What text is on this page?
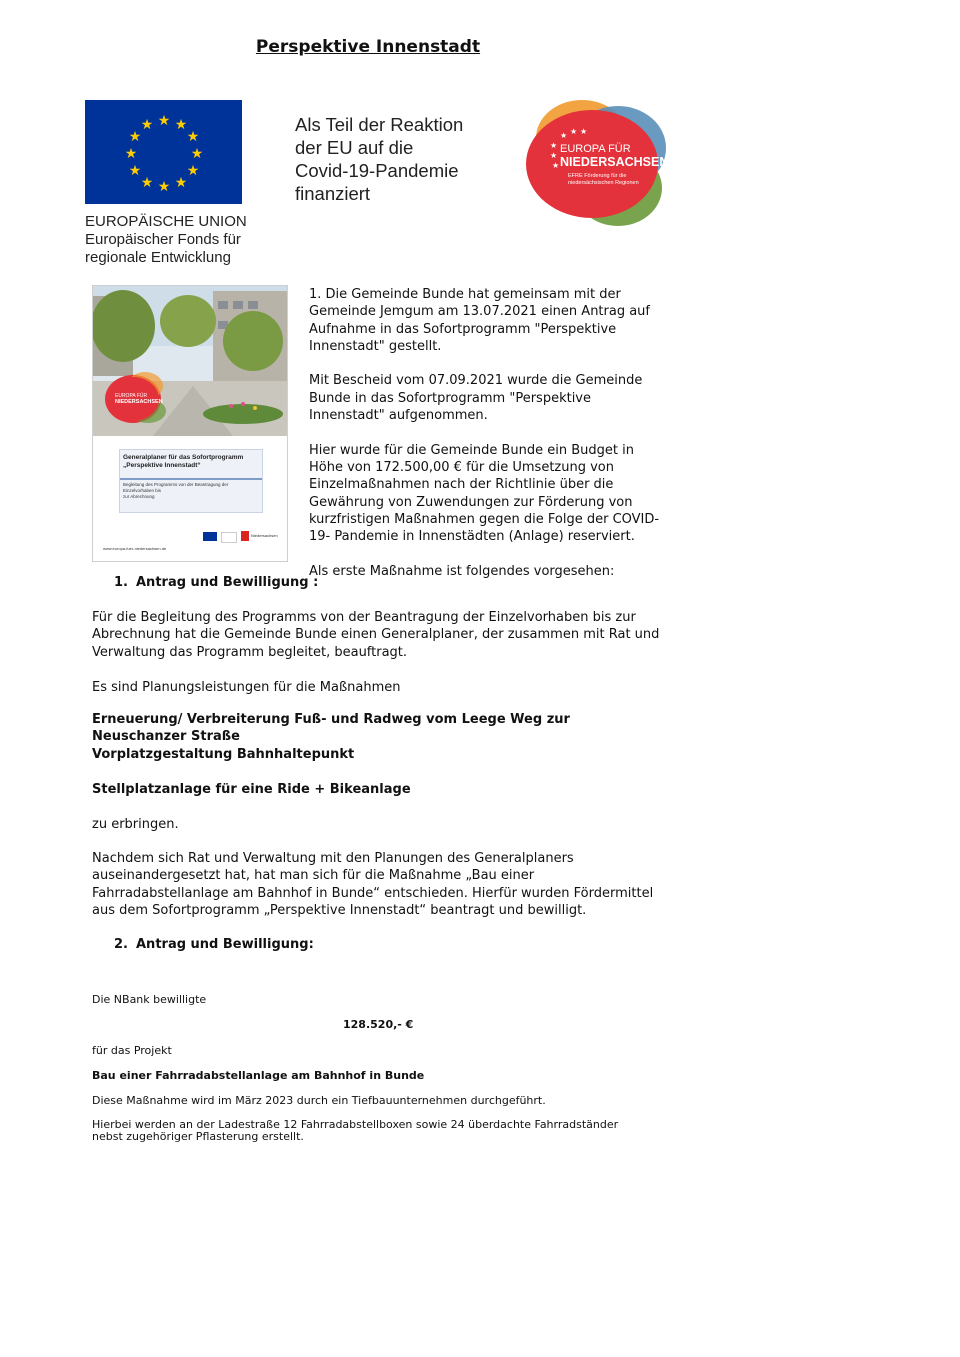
Perspektive Innenstadt
★ ★
★
★
★
★
★
★
★
★
★
★
EUROPÄISCHE UNION
Europäischer Fonds für
regionale Entwicklung
Als Teil der Reaktion
der EU auf die
Covid-19-Pandemie
finanziert
★ ★ ★
★
★
★
EUROPA FÜR
NIEDERSACHSEN
EFRE Förderung für die
niedersächsischen Regionen
EUROPA FÜR
NIEDERSACHSEN
Generalplaner für das Sofortprogramm
„Perspektive Innenstadt“
Begleitung des Programms von der Beantragung der Einzelvorhaben bis
zur Abrechnung
Niedersachsen
www.europa-fuer-niedersachsen.de

1. Die Gemeinde Bunde hat gemeinsam mit der Gemeinde Jemgum am 13.07.2021 einen Antrag auf Aufnahme in das Sofortprogramm "Perspektive Innenstadt" gestellt.

Mit Bescheid vom 07.09.2021 wurde die Gemeinde Bunde in das Sofortprogramm "Perspektive Innenstadt" aufgenommen.

Hier wurde für die Gemeinde Bunde ein Budget in Höhe von 172.500,00 € für die Umsetzung von Einzelmaßnahmen nach der Richtlinie über die Gewährung von Zuwendungen zur Förderung von kurzfristigen Maßnahmen gegen die Folge der COVID- 19- Pandemie in Innenstädten (Anlage) reserviert.

Als erste Maßnahme ist folgendes vorgesehen:

1. Antrag und Bewilligung :
Für die Begleitung des Programms von der Beantragung der Einzelvorhaben bis zur Abrechnung hat die Gemeinde Bunde einen Generalplaner, der zusammen mit Rat und Verwaltung das Programm begleitet, beauftragt.
Es sind Planungsleistungen für die Maßnahmen
Erneuerung/ Verbreiterung Fuß- und Radweg vom Leege Weg zur Neuschanzer Straße
Vorplatzgestaltung Bahnhaltepunkt
Stellplatzanlage für eine Ride + Bikeanlage
zu erbringen.
Nachdem sich Rat und Verwaltung mit den Planungen des Generalplaners auseinandergesetzt hat, hat man sich für die Maßnahme „Bau einer Fahrradabstellanlage am Bahnhof in Bunde“ entschieden. Hierfür wurden Fördermittel aus dem Sofortprogramm „Perspektive Innenstadt“ beantragt und bewilligt.
2. Antrag und Bewilligung:
Die NBank bewilligte
128.520,- €
für das Projekt
Bau einer Fahrradabstellanlage am Bahnhof in Bunde
Diese Maßnahme wird im März 2023 durch ein Tiefbauunternehmen durchgeführt.
Hierbei werden an der Ladestraße 12 Fahrradabstellboxen sowie 24 überdachte Fahrradständer nebst zugehöriger Pflasterung erstellt.
